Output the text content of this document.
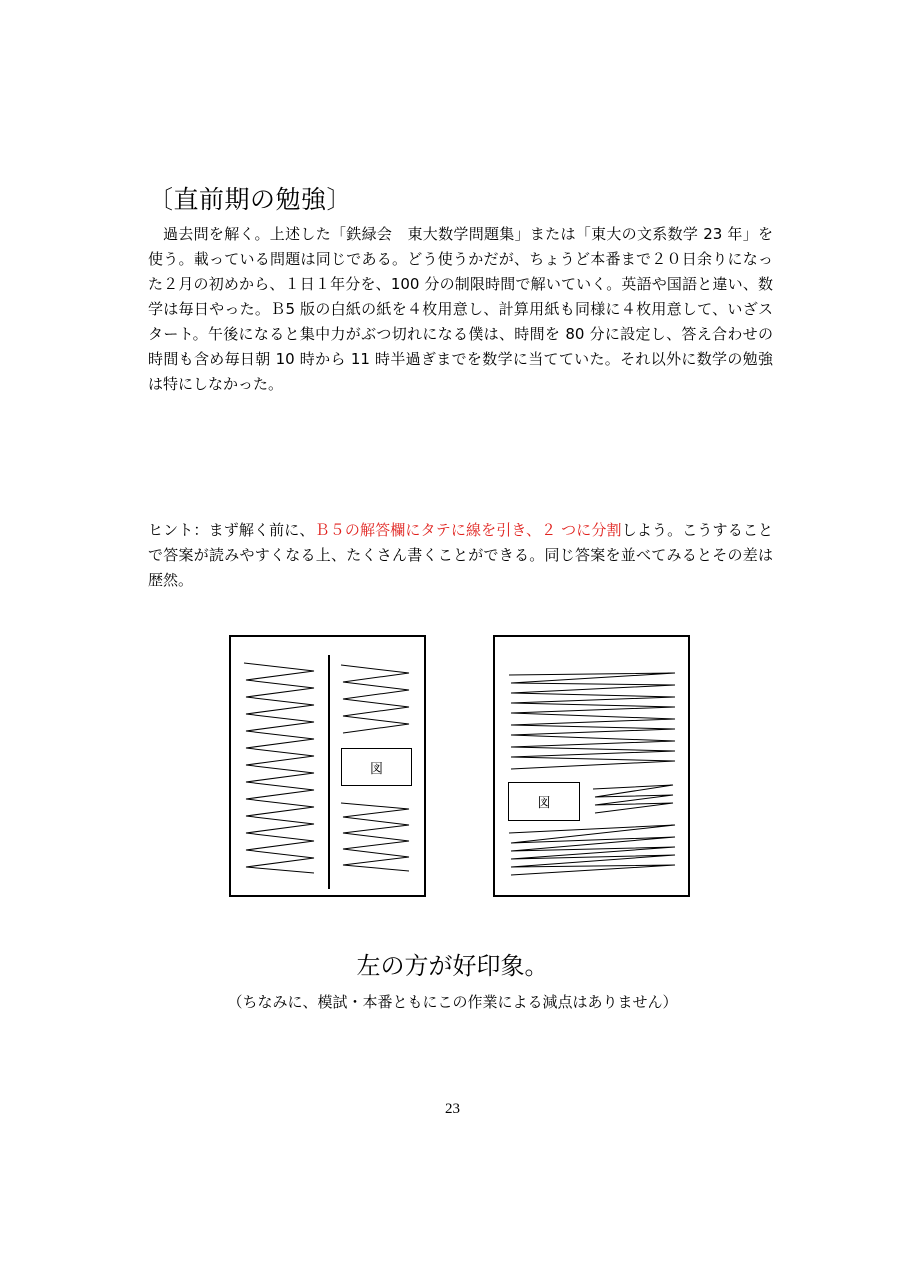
〔直前期の勉強〕
過去問を解く。上述した「鉄緑会　東大数学問題集」または「東大の文系数学 23 年」を使う。載っている問題は同じである。どう使うかだが、ちょうど本番まで２０日余りになった２月の初めから、１日１年分を、100 分の制限時間で解いていく。英語や国語と違い、数学は毎日やった。Ｂ5 版の白紙の紙を４枚用意し、計算用紙も同様に４枚用意して、いざスタート。午後になると集中力がぶつ切れになる僕は、時間を 80 分に設定し、答え合わせの時間も含め毎日朝 10 時から 11 時半過ぎまでを数学に当てていた。それ以外に数学の勉強は特にしなかった。
ヒント：まず解く前に、Ｂ５の解答欄にタテに線を引き、２ つに分割しよう。こうすることで答案が読みやすくなる上、たくさん書くことができる。同じ答案を並べてみるとその差は歴然。
図
図
左の方が好印象。
（ちなみに、模試・本番ともにこの作業による減点はありません）
23
